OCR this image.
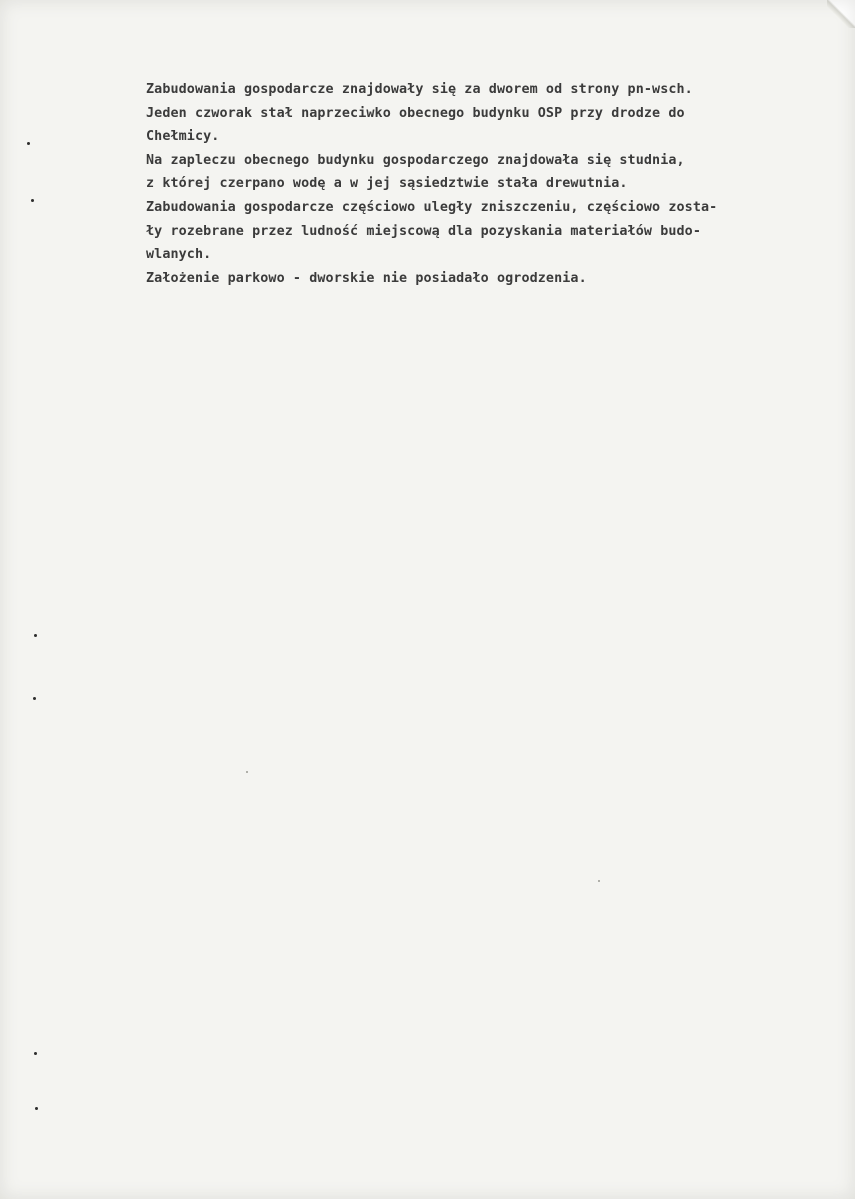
Zabudowania gospodarcze znajdowały się za dworem od strony pn-wsch.
Jeden czworak stał naprzeciwko obecnego budynku OSP przy drodze do
Chełmicy.
Na zapleczu obecnego budynku gospodarczego znajdowała się studnia,
z której czerpano wodę a w jej sąsiedztwie stała drewutnia.
Zabudowania gospodarcze częściowo uległy zniszczeniu, częściowo zosta-
ły rozebrane przez ludność miejscową dla pozyskania materiałów budo-
wlanych.
Założenie parkowo - dworskie nie posiadało ogrodzenia.
